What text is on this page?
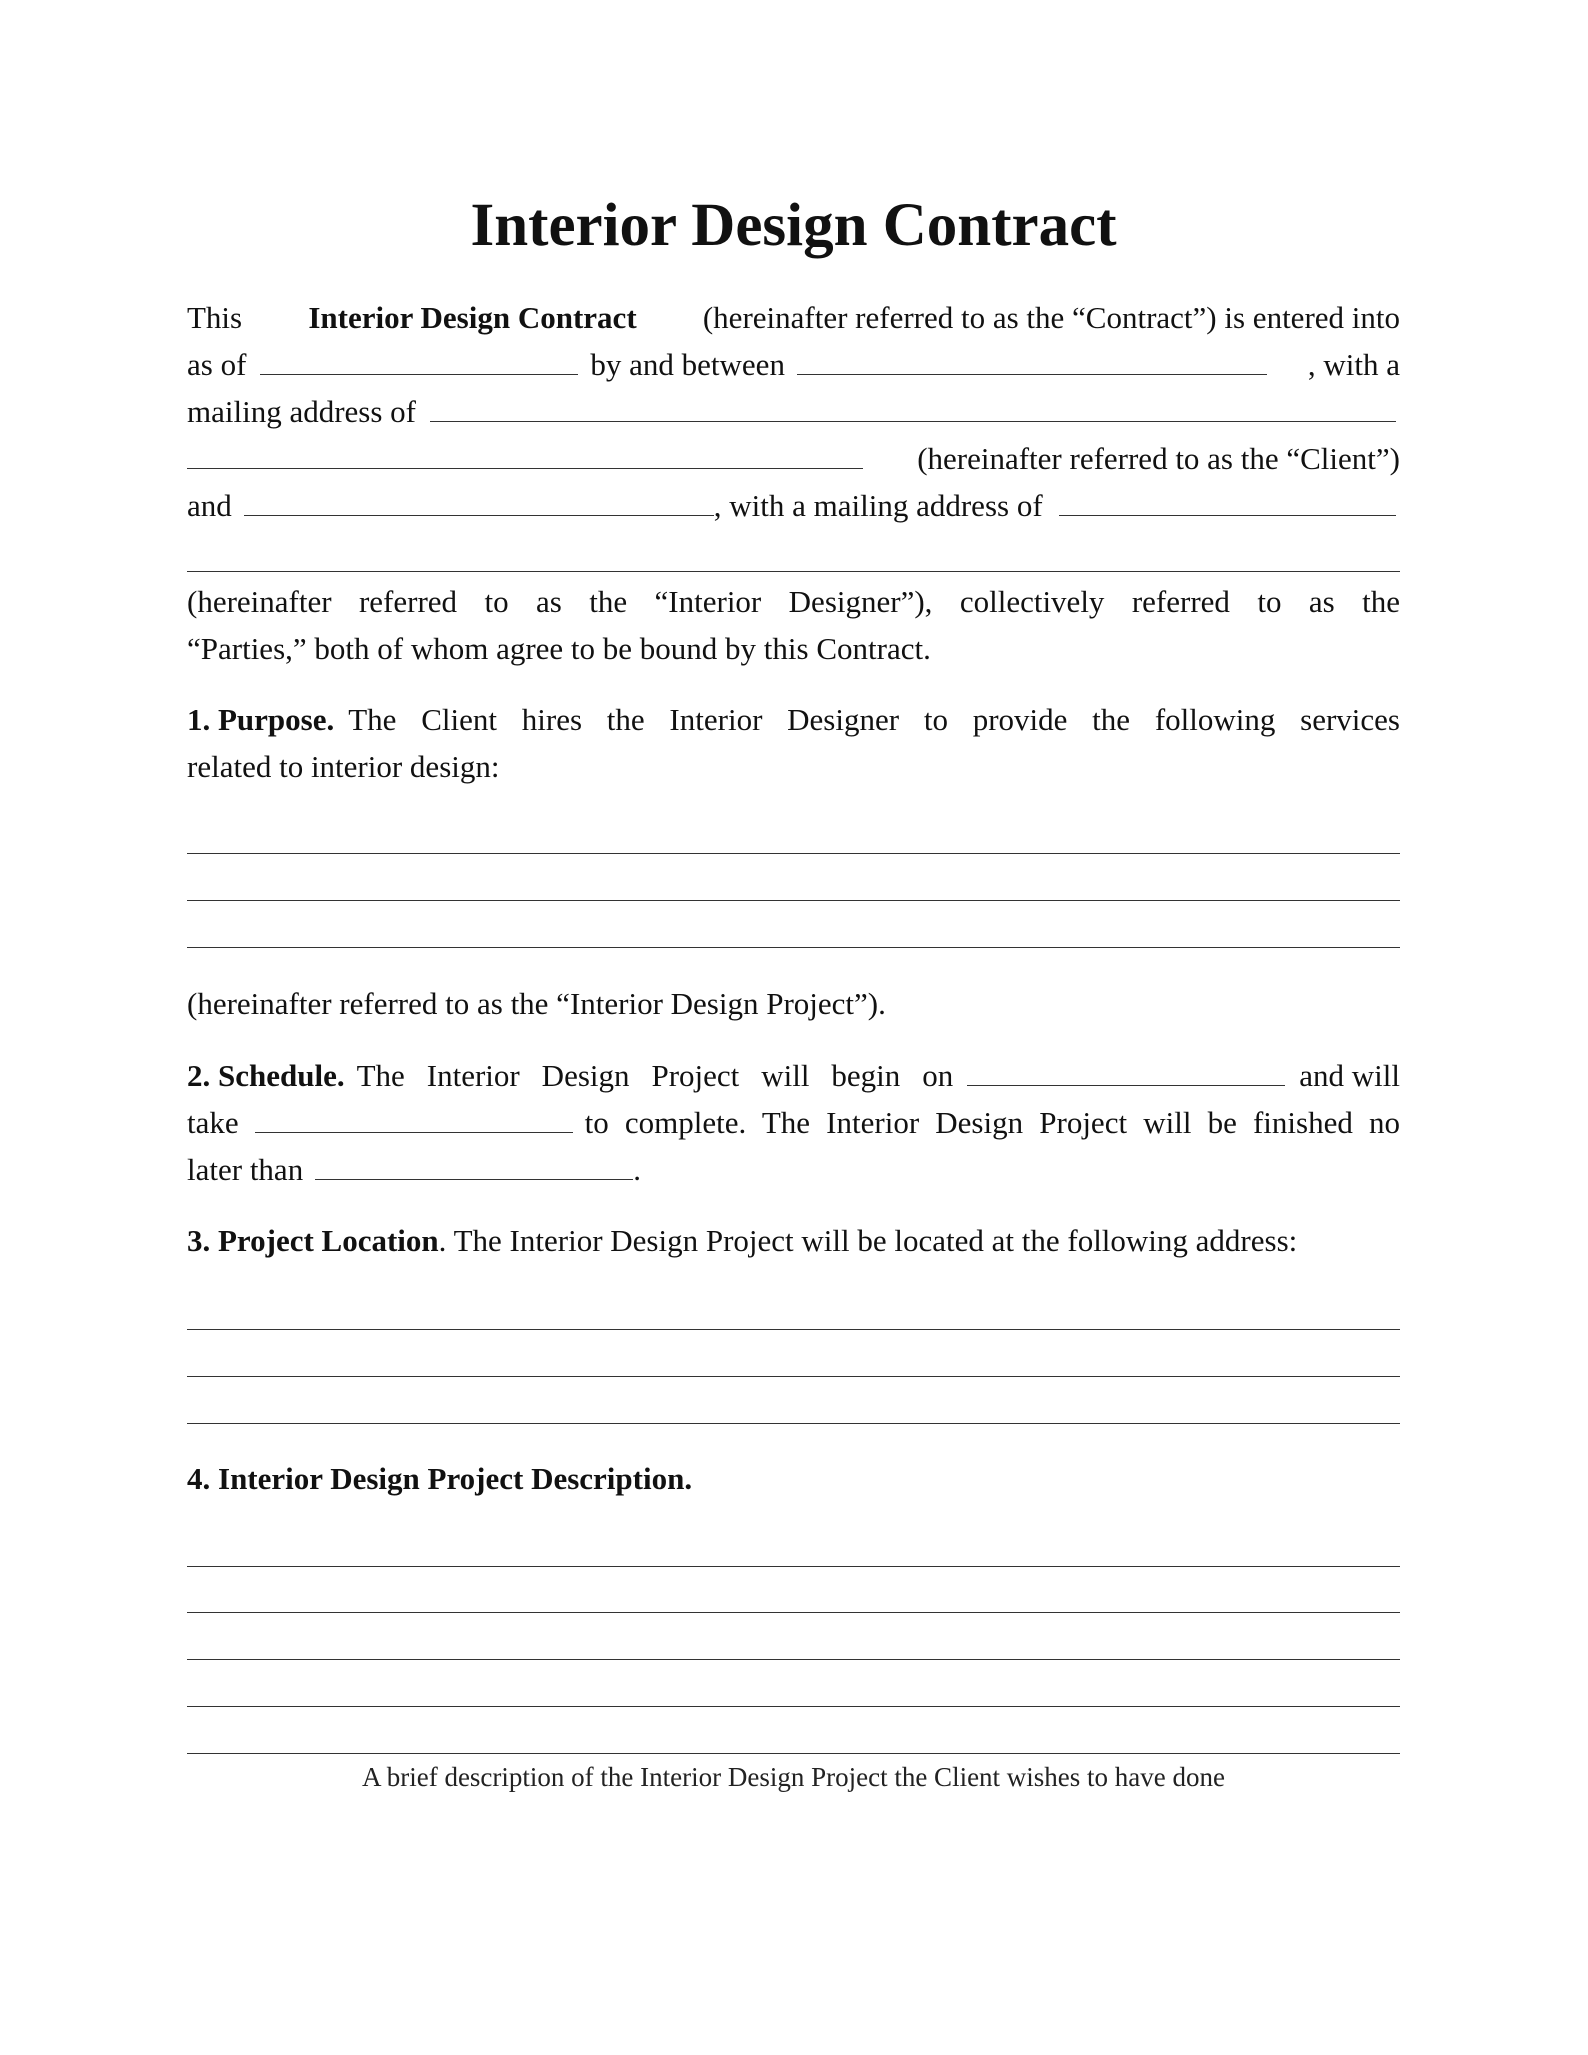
Interior Design Contract
This Interior Design Contract (hereinafter referred to as the “Contract”) is entered into
as of	by and between	, with a
mailing address of
(hereinafter referred to as the “Client”)
and	, with a mailing address of
(hereinafter referred to as the “Interior Designer”), collectively referred to as the
“Parties,” both of whom agree to be bound by this Contract.
1. Purpose. The Client hires the Interior Designer to provide the following services
related to interior design:
(hereinafter referred to as the “Interior Design Project”).
2. Schedule. The Interior Design Project will begin on	and will
take	to complete. The Interior Design Project will be finished no
later than	.
3. Project Location . The Interior Design Project will be located at the following address:
4. Interior Design Project Description.
A brief description of the Interior Design Project the Client wishes to have done
